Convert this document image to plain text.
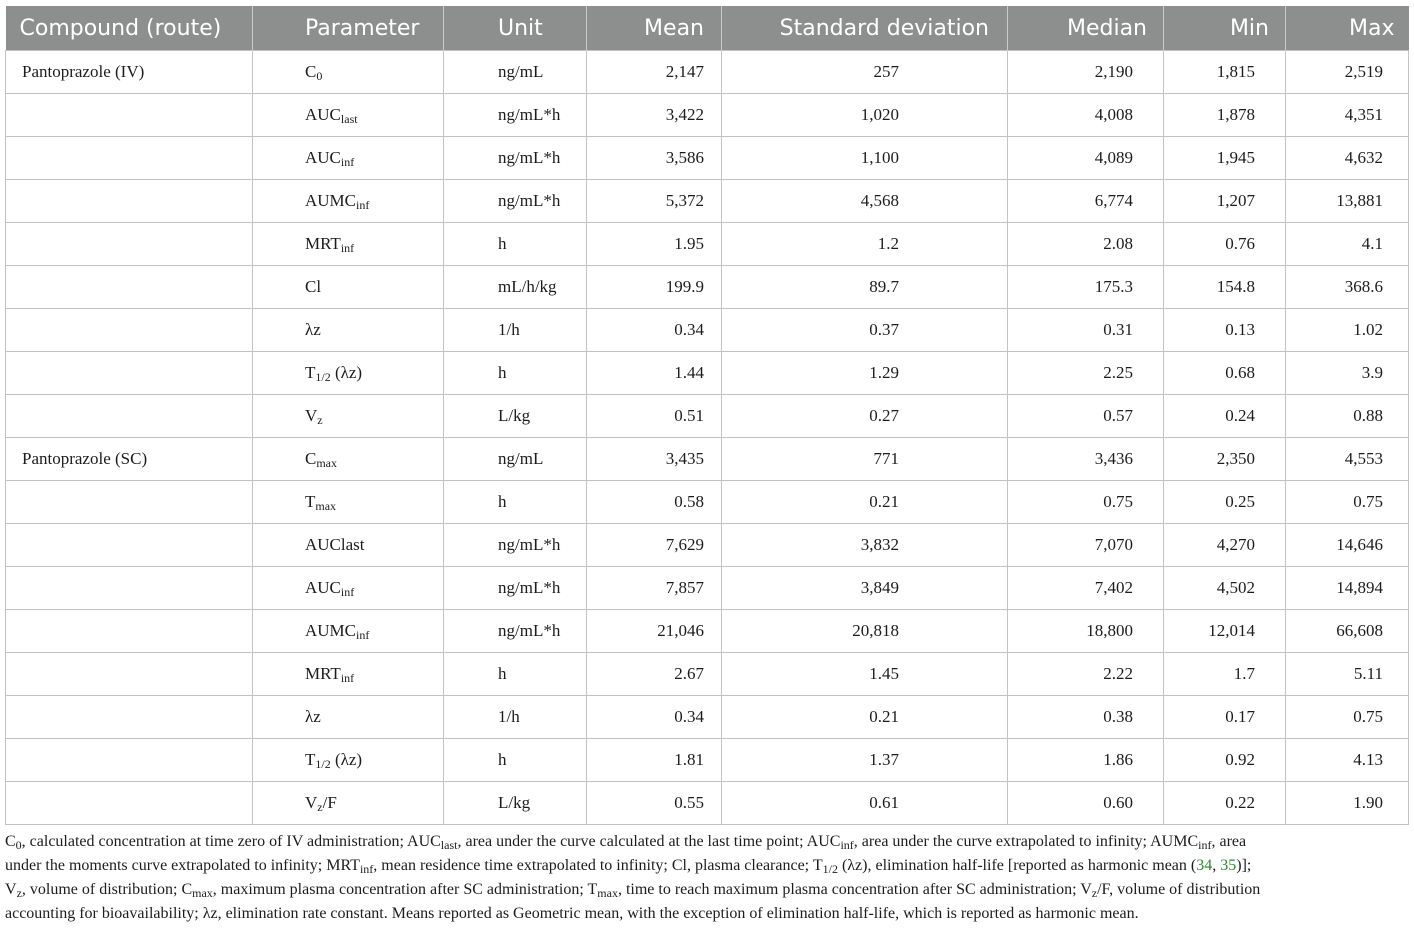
Compound (route)	Parameter	Unit	Mean	Standard deviation	Median	Min	Max
Pantoprazole (IV)	$C_0$	ng/mL	2,147	257	2,190	1,815	2,519
	$AUC_{last}$	ng/mL*h	3,422	1,020	4,008	1,878	4,351
	$AUC_{inf}$	ng/mL*h	3,586	1,100	4,089	1,945	4,632
	$AUMC_{inf}$	ng/mL*h	5,372	4,568	6,774	1,207	13,881
	$MRT_{inf}$	h	1.95	1.2	2.08	0.76	4.1
	Cl	mL/h/kg	199.9	89.7	175.3	154.8	368.6
	λz	1/h	0.34	0.37	0.31	0.13	1.02
	$T_{1/2}$ (λz)	h	1.44	1.29	2.25	0.68	3.9
	$V_z$	L/kg	0.51	0.27	0.57	0.24	0.88
Pantoprazole (SC)	$C_{max}$	ng/mL	3,435	771	3,436	2,350	4,553
	$T_{max}$	h	0.58	0.21	0.75	0.25	0.75
	AUClast	ng/mL*h	7,629	3,832	7,070	4,270	14,646
	$AUC_{inf}$	ng/mL*h	7,857	3,849	7,402	4,502	14,894
	$AUMC_{inf}$	ng/mL*h	21,046	20,818	18,800	12,014	66,608
	$MRT_{inf}$	h	2.67	1.45	2.22	1.7	5.11
	λz	1/h	0.34	0.21	0.38	0.17	0.75
	$T_{1/2}$ (λz)	h	1.81	1.37	1.86	0.92	4.13
	$V_z/F$	L/kg	0.55	0.61	0.60	0.22	1.90
$C_0$, calculated concentration at time zero of IV administration; $AUC_{last}$, area under the curve calculated at the last time point; $AUC_{inf}$, area under the curve extrapolated to infinity; $AUMC_{inf}$, area
under the moments curve extrapolated to infinity; $MRT_{inf}$, mean residence time extrapolated to infinity; Cl, plasma clearance; $T_{1/2}$ (λz), elimination half-life [reported as harmonic mean (34, 35)];
$V_z$, volume of distribution; $C_{max}$, maximum plasma concentration after SC administration; $T_{max}$, time to reach maximum plasma concentration after SC administration; $V_z/F$, volume of distribution
accounting for bioavailability; λz, elimination rate constant. Means reported as Geometric mean, with the exception of elimination half-life, which is reported as harmonic mean.
